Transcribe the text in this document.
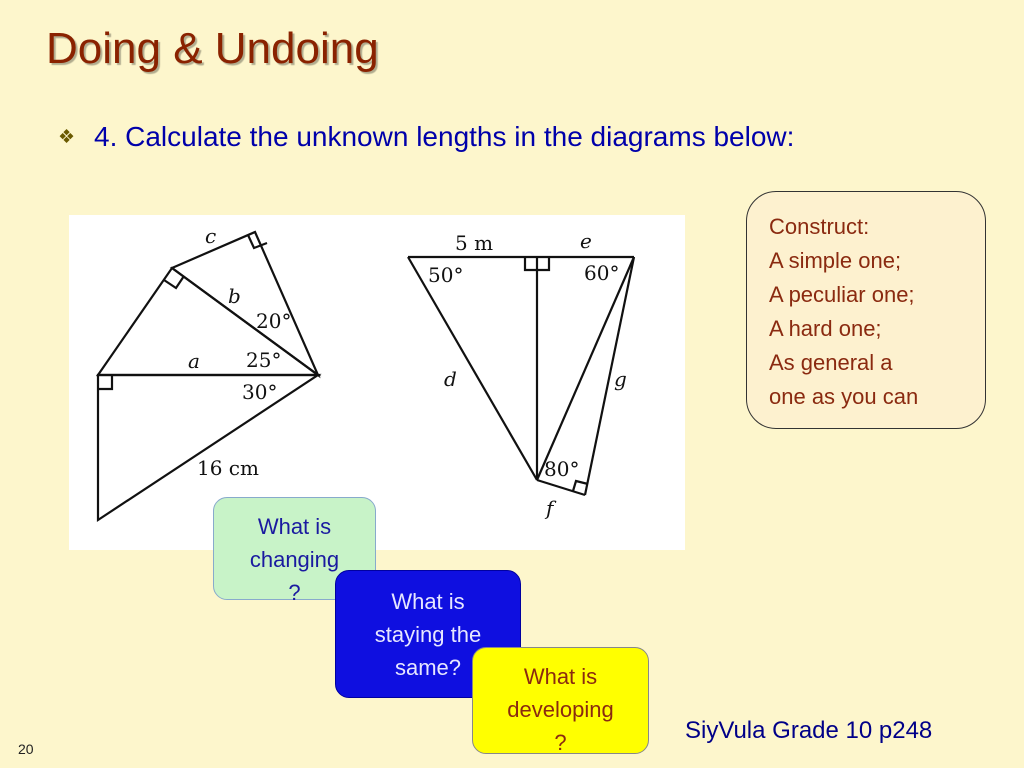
Doing & Undoing
❖ 4. Calculate the unknown lengths in the diagrams below:
c
b
a
20°
25°
30°
16 cm
5 m	e
50°	60°
d	g
80°
f
Construct:
A simple one;
A peculiar one;
A hard one;
As general a
one as you can
What is
changing
?	What is
staying the
same?	What is
developing
?	SiyVula Grade 10 p248
20
